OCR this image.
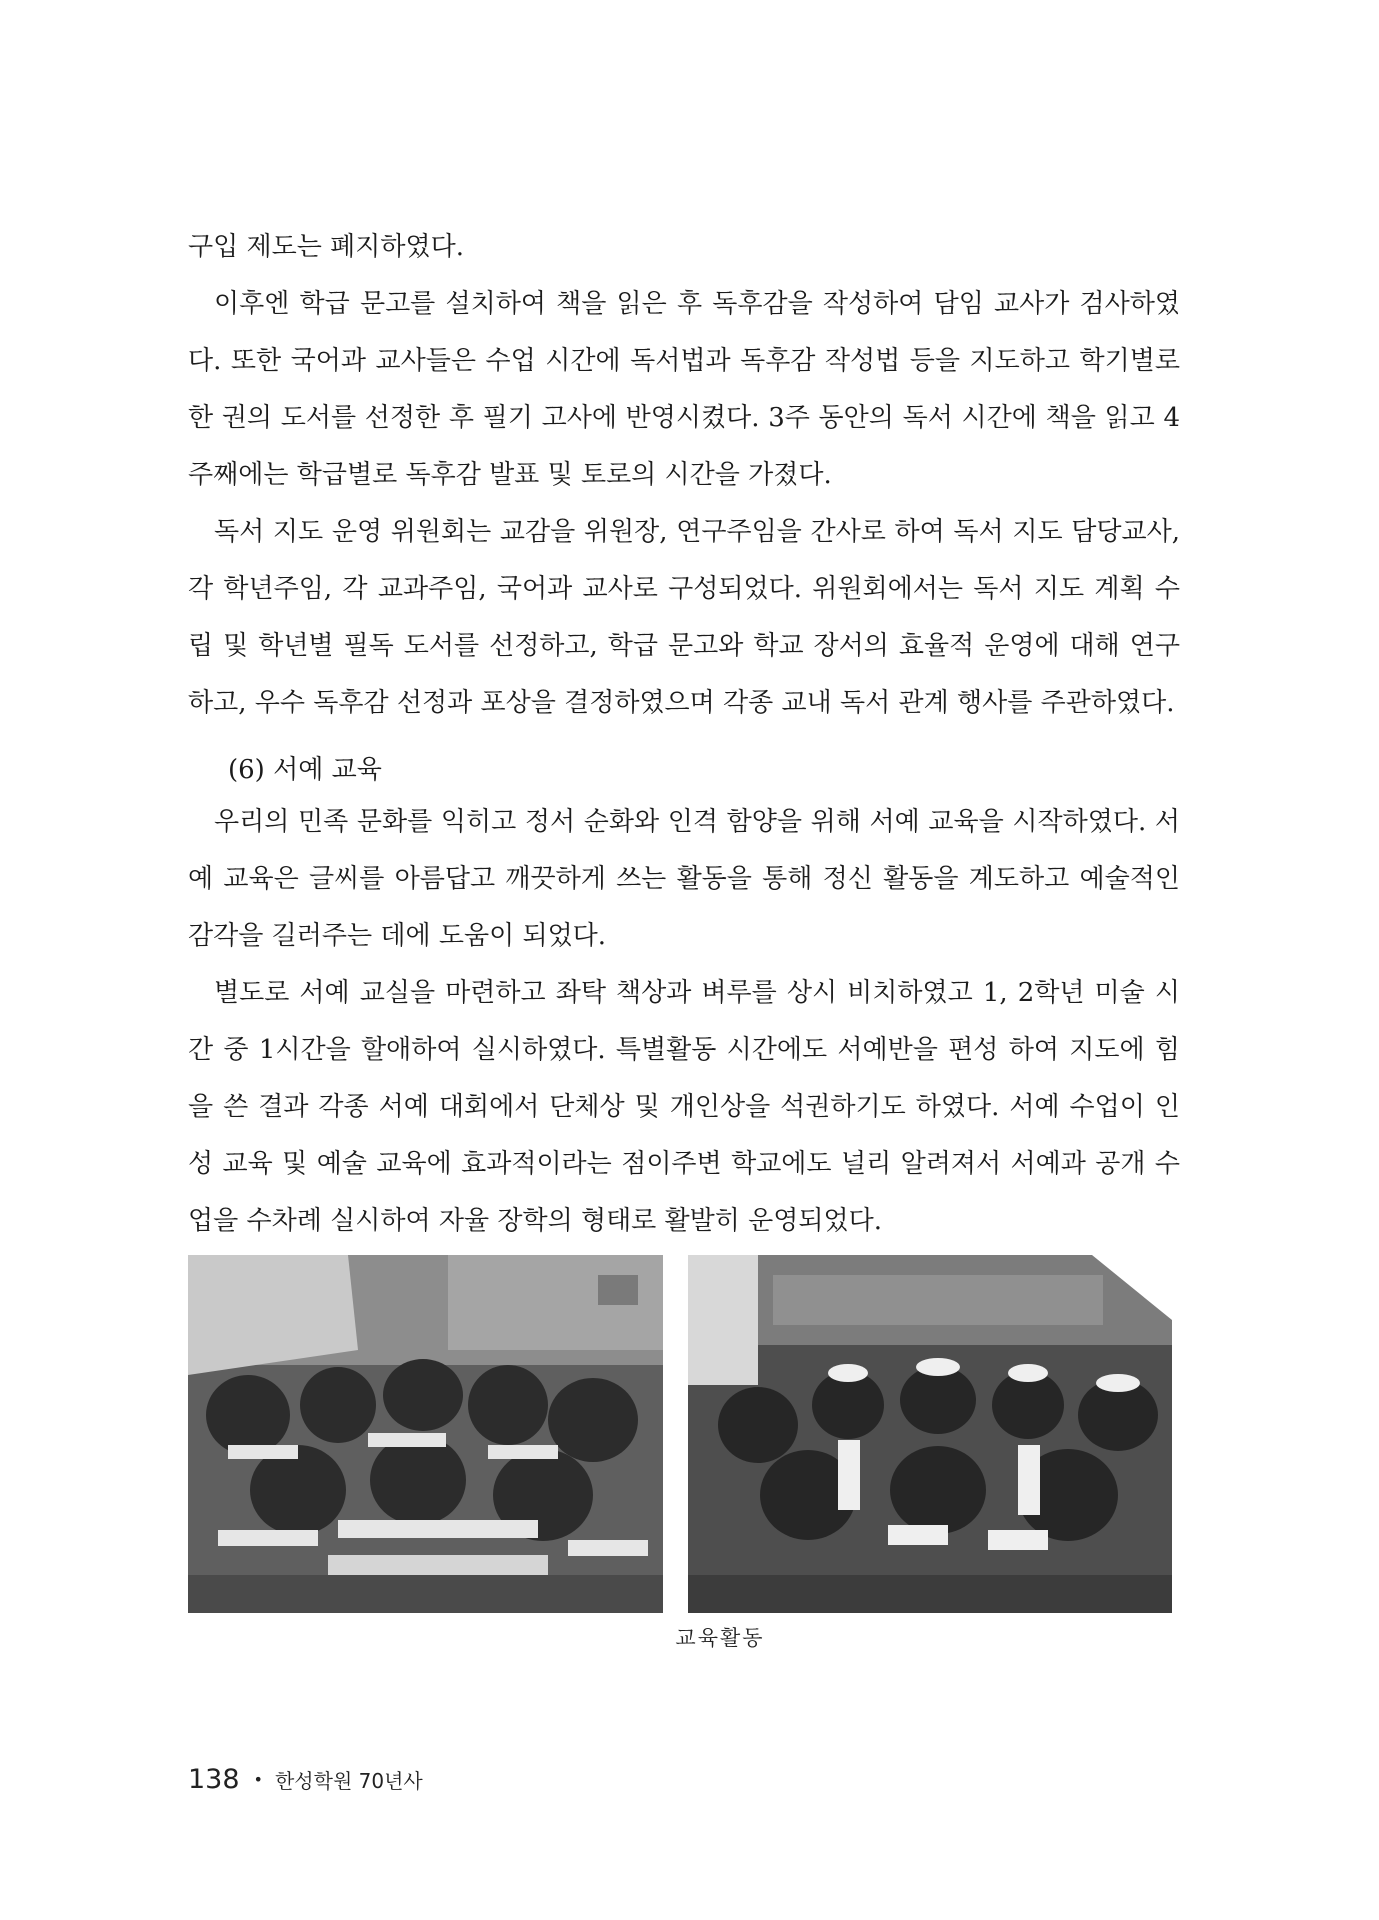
구입 제도는 폐지하였다.

이후엔 학급 문고를 설치하여 책을 읽은 후 독후감을 작성하여 담임 교사가 검사하였다. 또한 국어과 교사들은 수업 시간에 독서법과 독후감 작성법 등을 지도하고 학기별로 한 권의 도서를 선정한 후 필기 고사에 반영시켰다. 3주 동안의 독서 시간에 책을 읽고 4주째에는 학급별로 독후감 발표 및 토로의 시간을 가졌다.

독서 지도 운영 위원회는 교감을 위원장, 연구주임을 간사로 하여 독서 지도 담당교사, 각 학년주임, 각 교과주임, 국어과 교사로 구성되었다. 위원회에서는 독서 지도 계획 수립 및 학년별 필독 도서를 선정하고, 학급 문고와 학교 장서의 효율적 운영에 대해 연구하고, 우수 독후감 선정과 포상을 결정하였으며 각종 교내 독서 관계 행사를 주관하였다.

(6) 서예 교육

우리의 민족 문화를 익히고 정서 순화와 인격 함양을 위해 서예 교육을 시작하였다. 서예 교육은 글씨를 아름답고 깨끗하게 쓰는 활동을 통해 정신 활동을 계도하고 예술적인 감각을 길러주는 데에 도움이 되었다.

별도로 서예 교실을 마련하고 좌탁 책상과 벼루를 상시 비치하였고 1, 2학년 미술 시간 중 1시간을 할애하여 실시하였다. 특별활동 시간에도 서예반을 편성 하여 지도에 힘을 쓴 결과 각종 서예 대회에서 단체상 및 개인상을 석권하기도 하였다. 서예 수업이 인성 교육 및 예술 교육에 효과적이라는 점이주변 학교에도 널리 알려져서 서예과 공개 수업을 수차례 실시하여 자율 장학의 형태로 활발히 운영되었다.

교육활동
138 • 한성학원 70년사
